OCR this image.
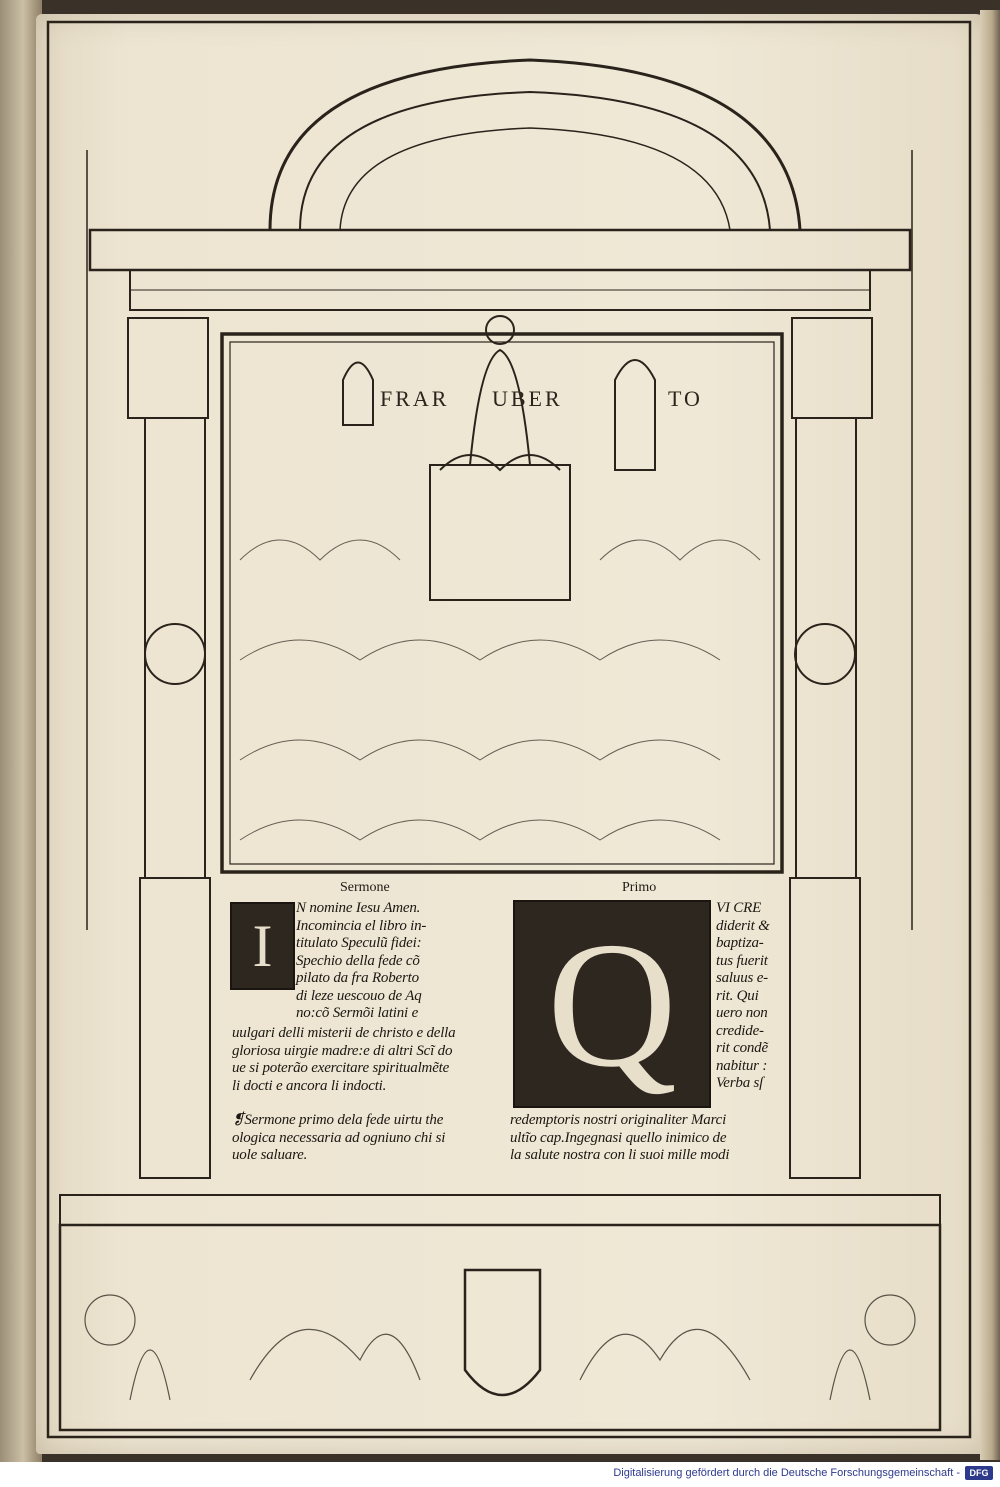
FRAR UBER	TO
Sermone	Primo
I
N nomine Iesu Amen.
Incomincia el libro in-
titulato Speculũ fidei:
Spechio della fede cõ
pilato da fra Roberto
di leze uescouo de Aq
no:cõ Sermõi latini e
uulgari delli misterii de christo e della
gloriosa uirgie madre:e di altri Scĩ do
ue si poterão exercitare spiritualmẽte
li docti e ancora li indocti.
❡Sermone primo dela fede uirtu the
ologica necessaria ad ogniuno chi si
uole saluare.
Q	VI CRE
diderit &
baptiza-
tus fuerit
saluus e-
rit. Qui
uero non
credide-
rit condẽ
nabitur :
Verba sſ
redemptoris nostri originaliter Marci
ultĩo cap.Ingegnasi quello inimico de
la salute nostra con li suoi mille modi
Digitalisierung gefördert durch die Deutsche Forschungsgemeinschaft -	DFG
